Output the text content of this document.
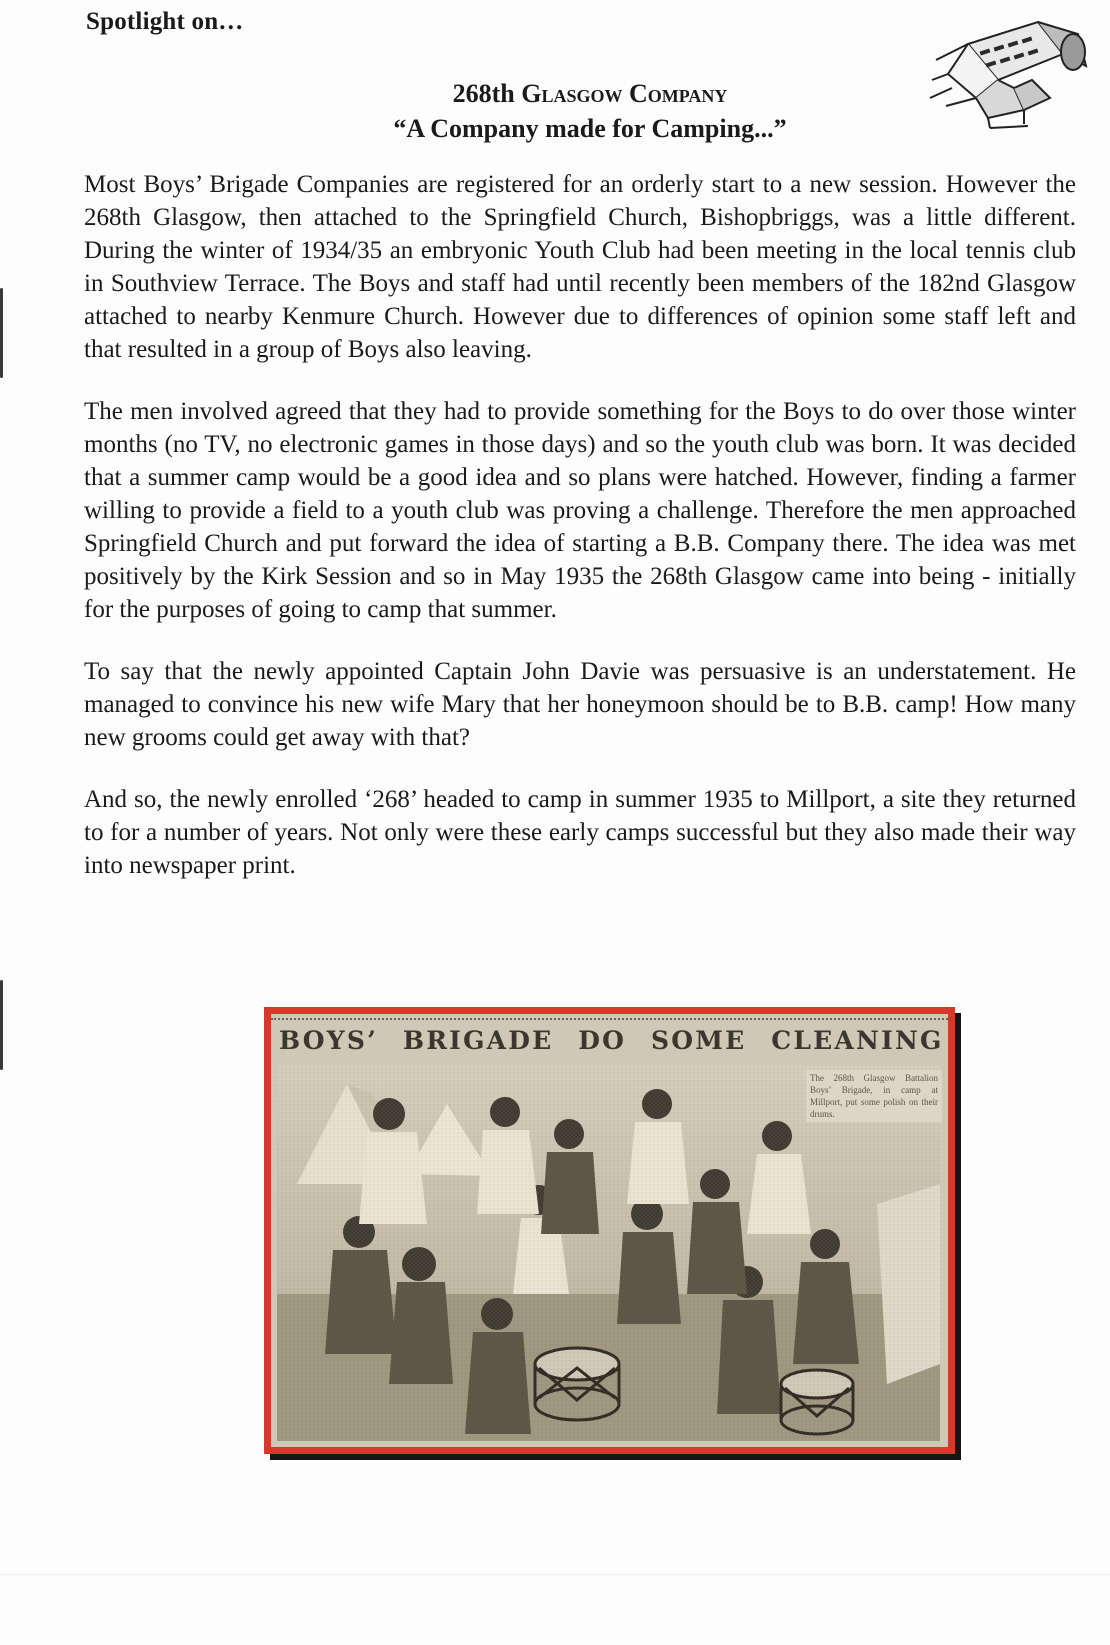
Spotlight on…
268th Glasgow Company
“A Company made for Camping...”

Most Boys’ Brigade Companies are registered for an orderly start to a new session. However the 268th Glasgow, then attached to the Springfield Church, Bishopbriggs, was a little different. During the winter of 1934/35 an embryonic Youth Club had been meeting in the local tennis club in Southview Terrace. The Boys and staff had until recently been members of the 182nd Glasgow attached to nearby Kenmure Church. However due to differences of opinion some staff left and that resulted in a group of Boys also leaving.

The men involved agreed that they had to provide something for the Boys to do over those winter months (no TV, no electronic games in those days) and so the youth club was born. It was decided that a summer camp would be a good idea and so plans were hatched. However, finding a farmer willing to provide a field to a youth club was proving a challenge. Therefore the men approached Springfield Church and put forward the idea of starting a B.B. Company there. The idea was met positively by the Kirk Session and so in May 1935 the 268th Glasgow came into being - initially for the purposes of going to camp that summer.

To say that the newly appointed Captain John Davie was persuasive is an understatement. He managed to convince his new wife Mary that her honeymoon should be to B.B. camp! How many new grooms could get away with that?

And so, the newly enrolled ‘268’ headed to camp in summer 1935 to Millport, a site they returned to for a number of years. Not only were these early camps successful but they also made their way into newspaper print.

BOYS’ BRIGADE DO SOME CLEANING
The 268th Glasgow Battalion Boys’ Brigade, in camp at Millport, put some polish on their drums.
